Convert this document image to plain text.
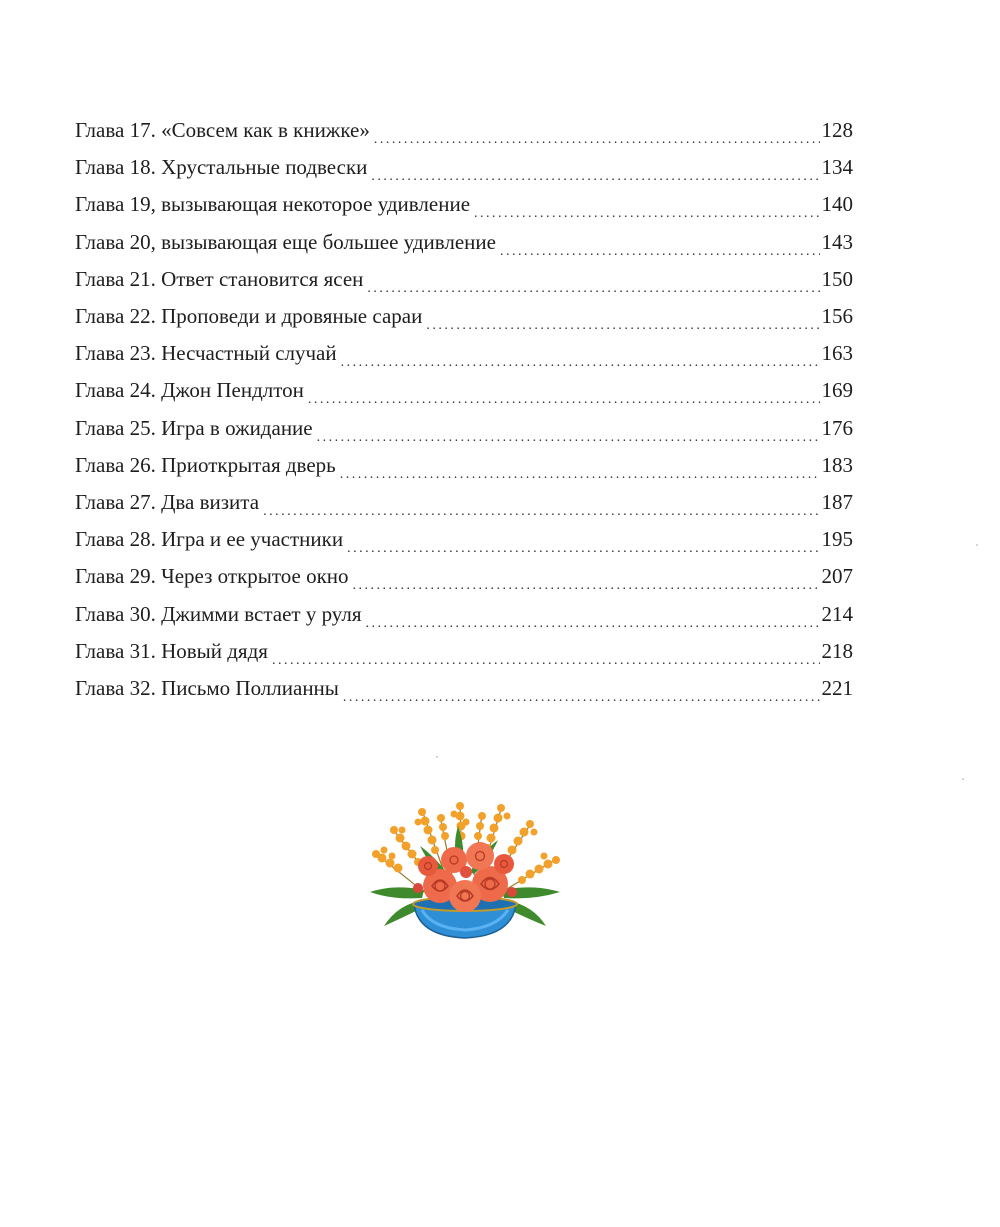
Глава 17. «Совсем как в книжке» . . .	128
Глава 18. Хрустальные подвески . . .	134
Глава 19, вызывающая некоторое удивление . . .	140
Глава 20, вызывающая еще большее удивление . . .	143
Глава 21. Ответ становится ясен . . .	150
Глава 22. Проповеди и дровяные сараи . . .	156
Глава 23. Несчастный случай . . .	163
Глава 24. Джон Пендлтон . . .	169
Глава 25. Игра в ожидание . . .	176
Глава 26. Приоткрытая дверь . . .	183
Глава 27. Два визита . . .	187
Глава 28. Игра и ее участники . . .	195
Глава 29. Через открытое окно . . .	207
Глава 30. Джимми встает у руля . . .	214
Глава 31. Новый дядя . . .	218
Глава 32. Письмо Поллианны . . .	221
